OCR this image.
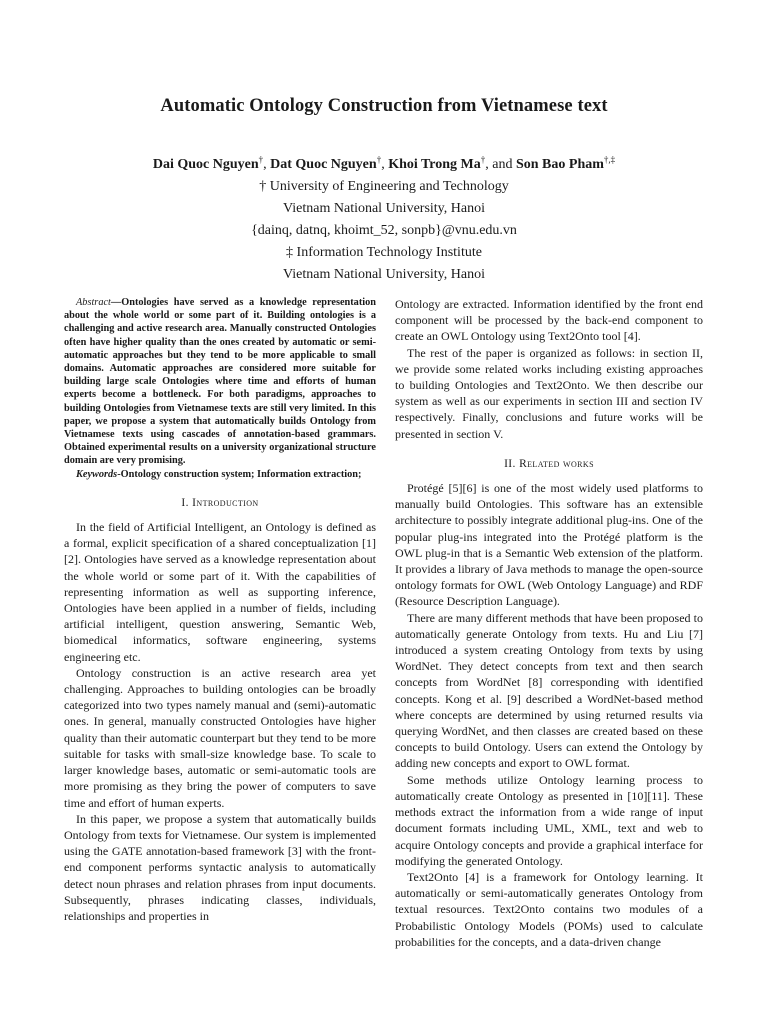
Automatic Ontology Construction from Vietnamese text
Dai Quoc Nguyen†, Dat Quoc Nguyen†, Khoi Trong Ma†, and Son Bao Pham†,‡
† University of Engineering and Technology
Vietnam National University, Hanoi
{dainq, datnq, khoimt_52, sonpb}@vnu.edu.vn
‡ Information Technology Institute
Vietnam National University, Hanoi

Abstract—Ontologies have served as a knowledge representation about the whole world or some part of it. Building ontologies is a challenging and active research area. Manually constructed Ontologies often have higher quality than the ones created by automatic or semi-automatic approaches but they tend to be more applicable to small domains. Automatic approaches are considered more suitable for building large scale Ontologies where time and efforts of human experts become a bottleneck. For both paradigms, approaches to building Ontologies from Vietnamese texts are still very limited. In this paper, we propose a system that automatically builds Ontology from Vietnamese texts using cascades of annotation-based grammars. Obtained experimental results on a university organizational structure domain are very promising.

Keywords-Ontology construction system; Information extraction;

I. Introduction

In the field of Artificial Intelligent, an Ontology is defined as a formal, explicit specification of a shared conceptualization [1][2]. Ontologies have served as a knowledge representation about the whole world or some part of it. With the capabilities of representing information as well as supporting inference, Ontologies have been applied in a number of fields, including artificial intelligent, question answering, Semantic Web, biomedical informatics, software engineering, systems engineering etc.

Ontology construction is an active research area yet challenging. Approaches to building ontologies can be broadly categorized into two types namely manual and (semi)-automatic ones. In general, manually constructed Ontologies have higher quality than their automatic counterpart but they tend to be more suitable for tasks with small-size knowledge base. To scale to larger knowledge bases, automatic or semi-automatic tools are more promising as they bring the power of computers to save time and effort of human experts.

In this paper, we propose a system that automatically builds Ontology from texts for Vietnamese. Our system is implemented using the GATE annotation-based framework [3] with the front-end component performs syntactic analysis to automatically detect noun phrases and relation phrases from input documents. Subsequently, phrases indicating classes, individuals, relationships and properties in

Ontology are extracted. Information identified by the front end component will be processed by the back-end component to create an OWL Ontology using Text2Onto tool [4].

The rest of the paper is organized as follows: in section II, we provide some related works including existing approaches to building Ontologies and Text2Onto. We then describe our system as well as our experiments in section III and section IV respectively. Finally, conclusions and future works will be presented in section V.

II. Related works

Protégé [5][6] is one of the most widely used platforms to manually build Ontologies. This software has an extensible architecture to possibly integrate additional plug-ins. One of the popular plug-ins integrated into the Protégé platform is the OWL plug-in that is a Semantic Web extension of the platform. It provides a library of Java methods to manage the open-source ontology formats for OWL (Web Ontology Language) and RDF (Resource Description Language).

There are many different methods that have been proposed to automatically generate Ontology from texts. Hu and Liu [7] introduced a system creating Ontology from texts by using WordNet. They detect concepts from text and then search concepts from WordNet [8] corresponding with identified concepts. Kong et al. [9] described a WordNet-based method where concepts are determined by using returned results via querying WordNet, and then classes are created based on these concepts to build Ontology. Users can extend the Ontology by adding new concepts and export to OWL format.

Some methods utilize Ontology learning process to automatically create Ontology as presented in [10][11]. These methods extract the information from a wide range of input document formats including UML, XML, text and web to acquire Ontology concepts and provide a graphical interface for modifying the generated Ontology.

Text2Onto [4] is a framework for Ontology learning. It automatically or semi-automatically generates Ontology from textual resources. Text2Onto contains two modules of a Probabilistic Ontology Models (POMs) used to calculate probabilities for the concepts, and a data-driven change
